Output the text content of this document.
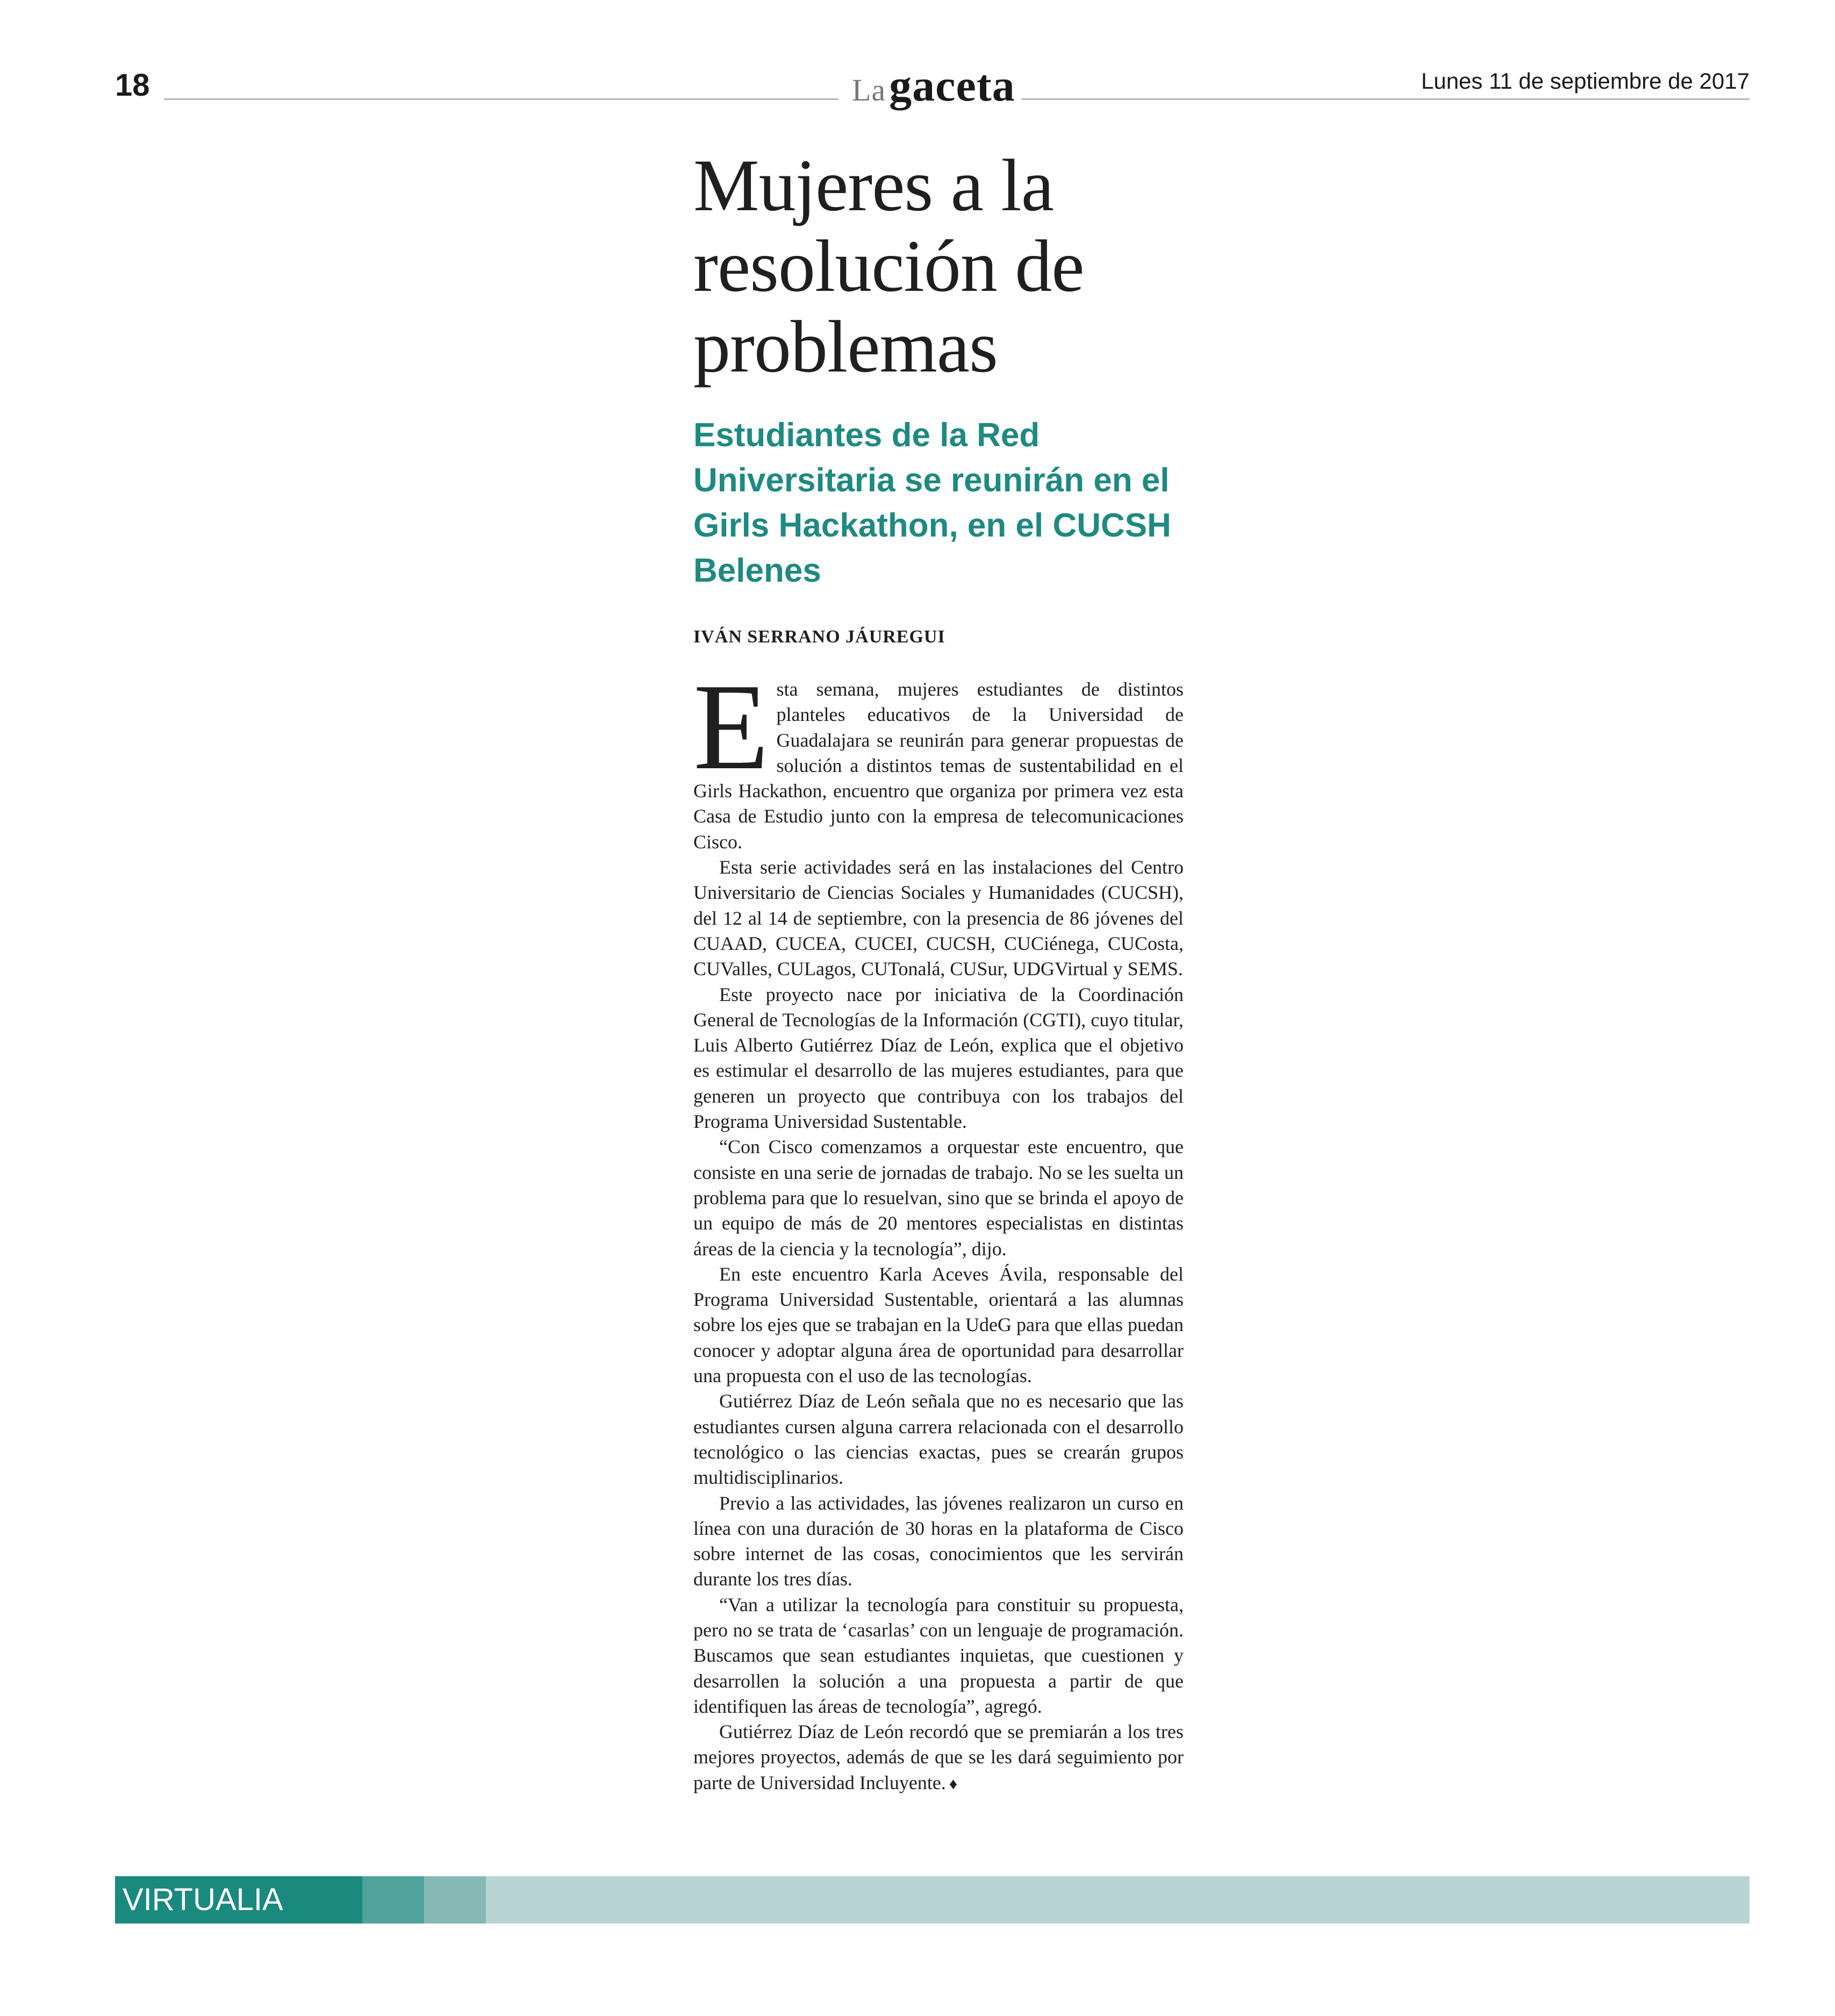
18	Lagaceta	Lunes 11 de septiembre de 2017
Mujeres a la resolución de problemas
Estudiantes de la Red Universitaria se reunirán en el Girls Hackathon, en el CUCSH Belenes
IVÁN SERRANO JÁUREGUI

Esta semana, mujeres estudiantes de distintos planteles educativos de la Universidad de Guadalajara se reunirán para generar propuestas de solución a distintos temas de sustentabilidad en el Girls Hackathon, encuentro que organiza por primera vez esta Casa de Estudio junto con la empresa de telecomunicaciones Cisco.

Esta serie actividades será en las instalaciones del Centro Universitario de Ciencias Sociales y Humanidades (CUCSH), del 12 al 14 de septiembre, con la presencia de 86 jóvenes del CUAAD, CUCEA, CUCEI, CUCSH, CUCiénega, CUCosta, CUValles, CULagos, CUTonalá, CUSur, UDGVirtual y SEMS.

Este proyecto nace por iniciativa de la Coordinación General de Tecnologías de la Información (CGTI), cuyo titular, Luis Alberto Gutiérrez Díaz de León, explica que el objetivo es estimular el desarrollo de las mujeres estudiantes, para que generen un proyecto que contribuya con los trabajos del Programa Universidad Sustentable.

“Con Cisco comenzamos a orquestar este encuentro, que consiste en una serie de jornadas de trabajo. No se les suelta un problema para que lo resuelvan, sino que se brinda el apoyo de un equipo de más de 20 mentores especialistas en distintas áreas de la ciencia y la tecnología”, dijo.

En este encuentro Karla Aceves Ávila, responsable del Programa Universidad Sustentable, orientará a las alumnas sobre los ejes que se trabajan en la UdeG para que ellas puedan conocer y adoptar alguna área de oportunidad para desarrollar una propuesta con el uso de las tecnologías.

Gutiérrez Díaz de León señala que no es necesario que las estudiantes cursen alguna carrera relacionada con el desarrollo tecnológico o las ciencias exactas, pues se crearán grupos multidisciplinarios.

Previo a las actividades, las jóvenes realizaron un curso en línea con una duración de 30 horas en la plataforma de Cisco sobre internet de las cosas, conocimientos que les servirán durante los tres días.

“Van a utilizar la tecnología para constituir su propuesta, pero no se trata de ‘casarlas’ con un lenguaje de programación. Buscamos que sean estudiantes inquietas, que cuestionen y desarrollen la solución a una propuesta a partir de que identifiquen las áreas de tecnología”, agregó.

Gutiérrez Díaz de León recordó que se premiarán a los tres mejores proyectos, además de que se les dará seguimiento por parte de Universidad Incluyente. ♦

VIRTUALIA
